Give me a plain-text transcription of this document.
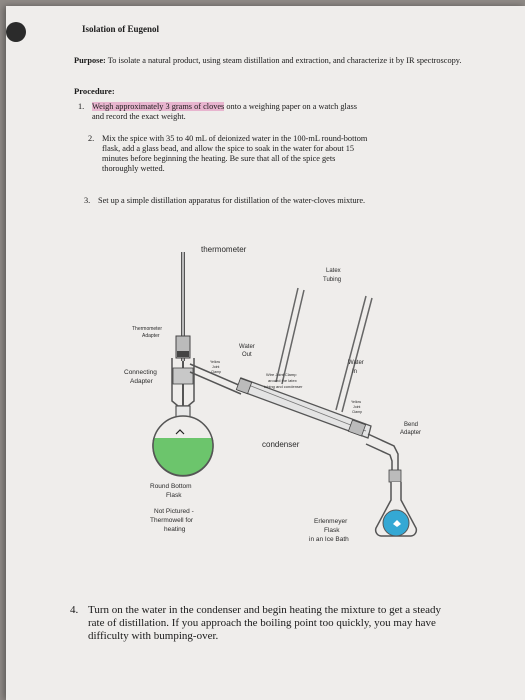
Isolation of Eugenol
Purpose: To isolate a natural product, using steam distillation and extraction, and characterize it by IR spectroscopy.
Procedure:
1. Weigh approximately 3 grams of cloves onto a weighing paper on a watch glass
and record the exact weight.
2. Mix the spice with 35 to 40 mL of deionized water in the 100-mL round-bottom
flask, add a glass bead, and allow the spice to soak in the water for about 15
minutes before beginning the heating. Be sure that all of the spice gets
thoroughly wetted.
3. Set up a simple distillation apparatus for distillation of the water-cloves mixture.
thermometer
Latex
Tubing
Thermometer
Adapter
Water
Out
Water
In
Connecting
Adapter
Yellow
Joint
Clamp	Wire Joint Clamp
around the latex
tubing and condenser
Yellow
Joint
Clamp
Bend
Adapter
condenser
Round Bottom
Flask
Not Pictured -
Thermowell for
heating
Erlenmeyer
Flask
in an Ice Bath
4. Turn on the water in the condenser and begin heating the mixture to get a steady
rate of distillation. If you approach the boiling point too quickly, you may have
difficulty with bumping-over.
